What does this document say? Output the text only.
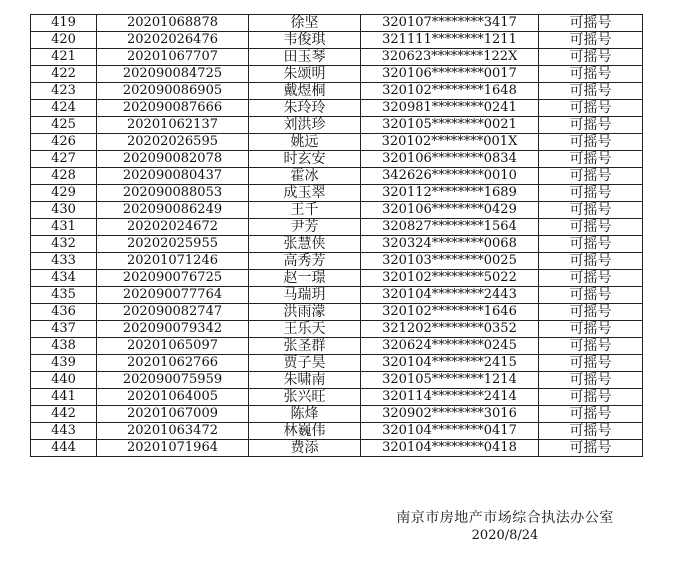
419	20201068878	徐坚	320107********3417	可摇号
420	20202026476	韦俊琪	321111********1211	可摇号
421	20201067707	田玉琴	320623********122X	可摇号
422	202090084725	朱颂明	320106********0017	可摇号
423	202090086905	戴煜桐	320102********1648	可摇号
424	202090087666	朱玲玲	320981********0241	可摇号
425	20201062137	刘洪珍	320105********0021	可摇号
426	20202026595	姚远	320102********001X	可摇号
427	202090082078	时玄安	320106********0834	可摇号
428	202090080437	霍冰	342626********0010	可摇号
429	202090088053	成玉翠	320112********1689	可摇号
430	202090086249	王千	320106********0429	可摇号
431	20202024672	尹芳	320827********1564	可摇号
432	20202025955	张慧侠	320324********0068	可摇号
433	20201071246	高秀芳	320103********0025	可摇号
434	202090076725	赵一璟	320102********5022	可摇号
435	202090077764	马瑞玥	320104********2443	可摇号
436	202090082747	洪雨濛	320102********1646	可摇号
437	202090079342	王乐天	321202********0352	可摇号
438	20201065097	张圣群	320624********0245	可摇号
439	20201062766	贾子昊	320104********2415	可摇号
440	202090075959	朱啸南	320105********1214	可摇号
441	20201064005	张兴旺	320114********2414	可摇号
442	20201067009	陈烽	320902********3016	可摇号
443	20201063472	林巍伟	320104********0417	可摇号
444	20201071964	费添	320104********0418	可摇号
南京市房地产市场综合执法办公室
2020/8/24
